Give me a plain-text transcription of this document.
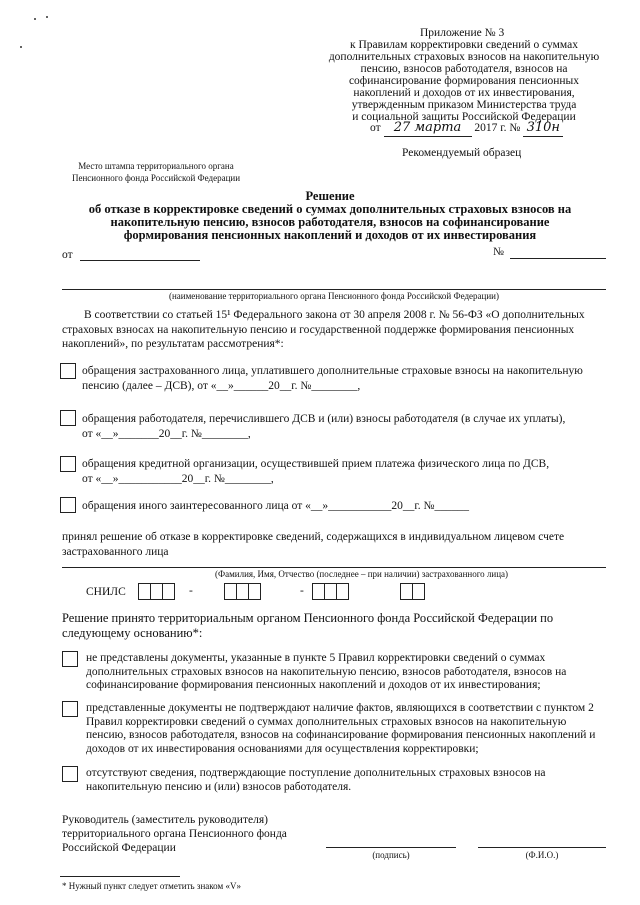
Приложение № 3
к Правилам корректировки сведений о суммах
дополнительных страховых взносов на накопительную
пенсию, взносов работодателя, взносов на
софинансирование формирования пенсионных
накоплений и доходов от их инвестирования,
утвержденным приказом Министерства труда
и социальной защиты Российской Федерации
от 27 марта 2017 г. № 310н
Рекомендуемый образец
Место штампа территориального органа
Пенсионного фонда Российской Федерации
Решение
об отказе в корректировке сведений о суммах дополнительных страховых взносов на
накопительную пенсию, взносов работодателя, взносов на софинансирование
формирования пенсионных накоплений и доходов от их инвестирования
от	№
(наименование территориального органа Пенсионного фонда Российской Федерации)
В соответствии со статьей 15¹ Федерального закона от 30 апреля 2008 г. № 56-ФЗ «О дополнительных
страховых взносах на накопительную пенсию и государственной поддержке формирования пенсионных
накоплений», по результатам рассмотрения*:
обращения застрахованного лица, уплатившего дополнительные страховые взносы на накопительную
пенсию (далее – ДСВ), от «__»______20__г. №________,
обращения работодателя, перечислившего ДСВ и (или) взносы работодателя (в случае их уплаты),
от «__»_______20__г. №________,
обращения кредитной организации, осуществившей прием платежа физического лица по ДСВ,
от «__»___________20__г. №________,
обращения иного заинтересованного лица от «__»___________20__г. №______
принял решение об отказе в корректировке сведений, содержащихся в индивидуальном лицевом счете
застрахованного лица
(Фамилия, Имя, Отчество (последнее – при наличии) застрахованного лица)
СНИЛС	-	-
Решение принято территориальным органом Пенсионного фонда Российской Федерации по
следующему основанию*:
не представлены документы, указанные в пункте 5 Правил корректировки сведений о суммах
дополнительных страховых взносов на накопительную пенсию, взносов работодателя, взносов на
софинансирование формирования пенсионных накоплений и доходов от их инвестирования;
представленные документы не подтверждают наличие фактов, являющихся в соответствии с пунктом 2
Правил корректировки сведений о суммах дополнительных страховых взносов на накопительную
пенсию, взносов работодателя, взносов на софинансирование формирования пенсионных накоплений и
доходов от их инвестирования основаниями для осуществления корректировки;
отсутствуют сведения, подтверждающие поступление дополнительных страховых взносов на
накопительную пенсию и (или) взносов работодателя.
Руководитель (заместитель руководителя)
территориального органа Пенсионного фонда
Российской Федерации
(подпись)	(Ф.И.О.)
* Нужный пункт следует отметить знаком «V»
